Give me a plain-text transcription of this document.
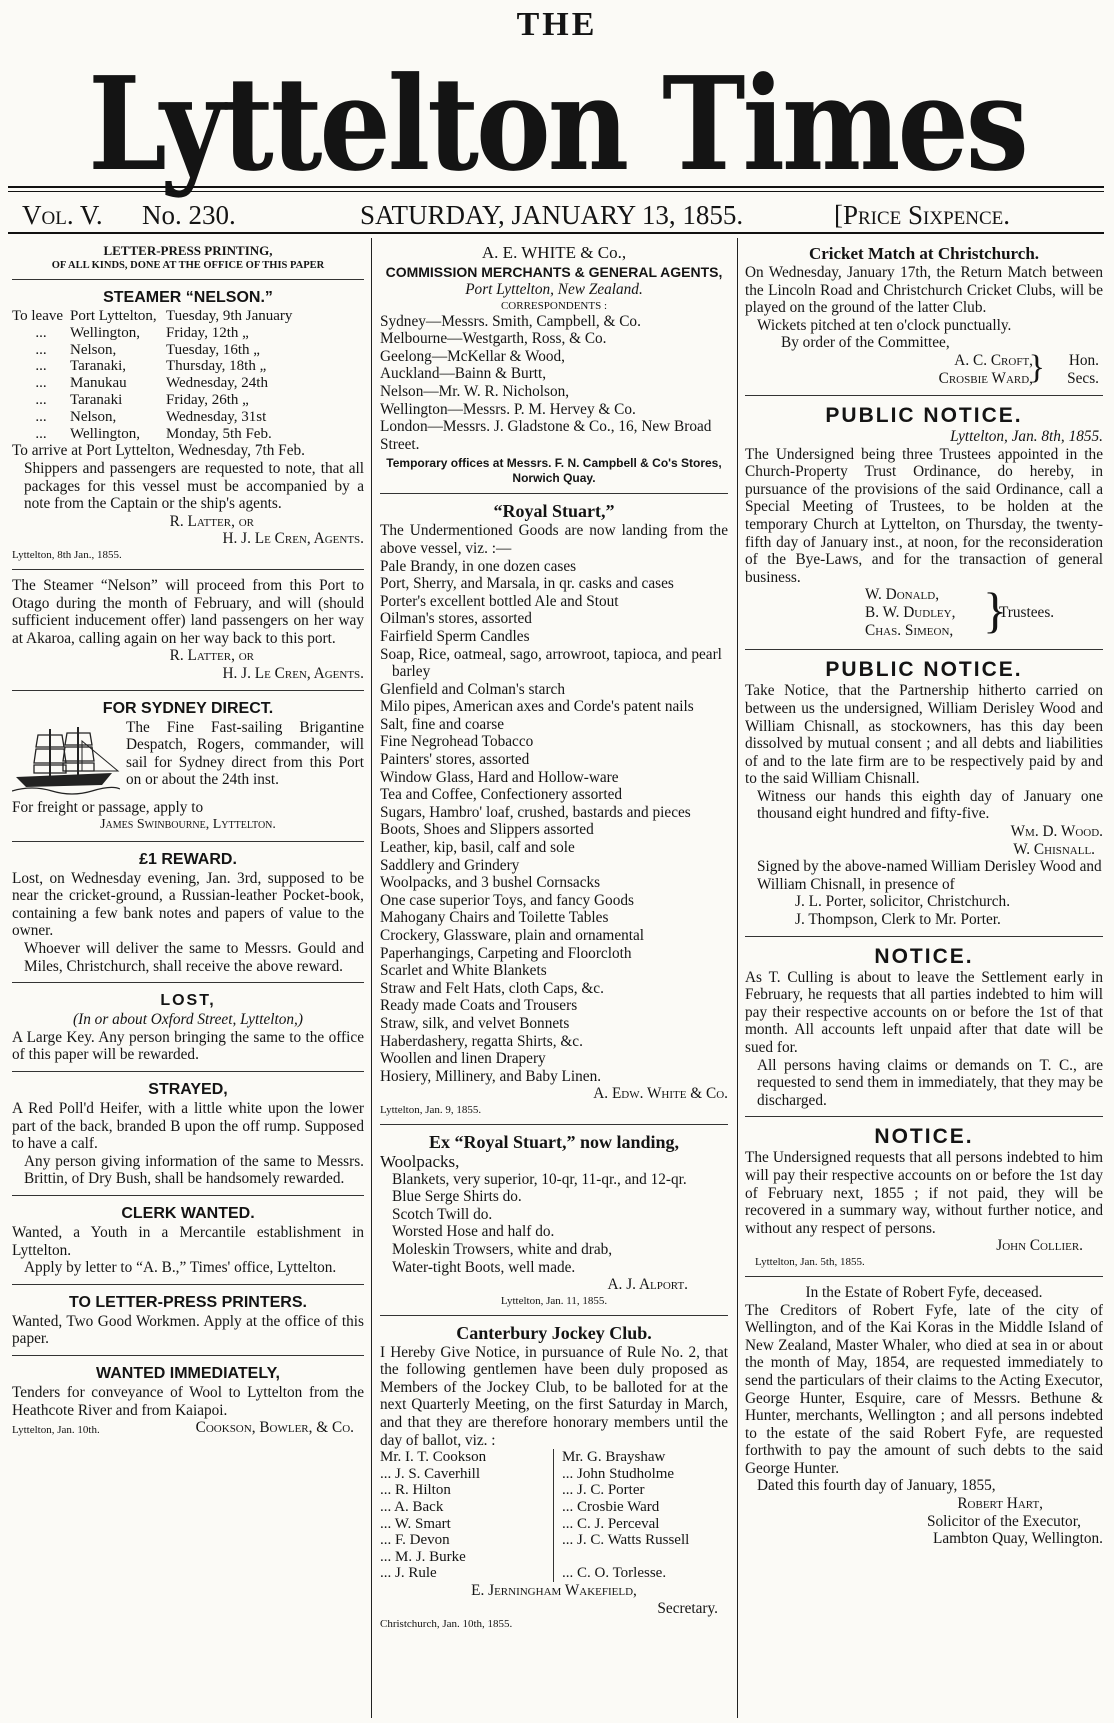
THE
Lyttelton Times
Vol. V. No. 230.	SATURDAY, JANUARY 13, 1855.	[Price Sixpence.

LETTER-PRESS PRINTING,

OF ALL KINDS, DONE AT THE OFFICE OF THIS PAPER

STEAMER “NELSON.”

To leave Port Lyttelton, Tuesday, 9th January
...	Wellington,	Friday, 12th „
...	Nelson,	Tuesday, 16th „
...	Taranaki,	Thursday, 18th „
...	Manukau	Wednesday, 24th
...	Taranaki	Friday, 26th „
...	Nelson,	Wednesday, 31st
...	Wellington,	Monday, 5th Feb.

To arrive at Port Lyttelton, Wednesday, 7th Feb.

Shippers and passengers are requested to note, that all packages for this vessel must be accompanied by a note from the Captain or the ship's agents.

R. Latter, or

H. J. Le Cren, Agents.

Lyttelton, 8th Jan., 1855.

The Steamer “Nelson” will proceed from this Port to Otago during the month of February, and will (should sufficient inducement offer) land passengers on her way at Akaroa, calling again on her way back to this port.

R. Latter, or

H. J. Le Cren, Agents.

FOR SYDNEY DIRECT.

The Fine Fast-sailing Brigantine Despatch, Rogers, commander, will sail for Sydney direct from this Port on or about the 24th inst.

For freight or passage, apply to

James Swinbourne, Lyttelton.

£1 REWARD.

Lost, on Wednesday evening, Jan. 3rd, supposed to be near the cricket-ground, a Russian-leather Pocket-book, containing a few bank notes and papers of value to the owner.

Whoever will deliver the same to Messrs. Gould and Miles, Christchurch, shall receive the above reward.

LOST,

(In or about Oxford Street, Lyttelton,)

A Large Key. Any person bringing the same to the office of this paper will be rewarded.

STRAYED,

A Red Poll'd Heifer, with a little white upon the lower part of the back, branded B upon the off rump. Supposed to have a calf.

Any person giving information of the same to Messrs. Brittin, of Dry Bush, shall be handsomely rewarded.

CLERK WANTED.

Wanted, a Youth in a Mercantile establishment in Lyttelton.

Apply by letter to “A. B.,” Times' office, Lyttelton.

TO LETTER-PRESS PRINTERS.

Wanted, Two Good Workmen. Apply at the office of this paper.

WANTED IMMEDIATELY,

Tenders for conveyance of Wool to Lyttelton from the Heathcote River and from Kaiapoi.

Lyttelton, Jan. 10th.	Cookson, Bowler, & Co.

A. E. WHITE & Co.,

COMMISSION MERCHANTS & GENERAL AGENTS,

Port Lyttelton, New Zealand.

CORRESPONDENTS :

Sydney—Messrs. Smith, Campbell, & Co.

Melbourne—Westgarth, Ross, & Co.

Geelong—McKellar & Wood,

Auckland—Bainn & Burtt,

Nelson—Mr. W. R. Nicholson,

Wellington—Messrs. P. M. Hervey & Co.

London—Messrs. J. Gladstone & Co., 16, New Broad Street.

Temporary offices at Messrs. F. N. Campbell & Co's Stores, Norwich Quay.

“Royal Stuart,”

The Undermentioned Goods are now landing from the above vessel, viz. :—

Pale Brandy, in one dozen cases

Port, Sherry, and Marsala, in qr. casks and cases

Porter's excellent bottled Ale and Stout

Oilman's stores, assorted

Fairfield Sperm Candles

Soap, Rice, oatmeal, sago, arrowroot, tapioca, and pearl barley

Glenfield and Colman's starch

Milo pipes, American axes and Corde's patent nails

Salt, fine and coarse

Fine Negrohead Tobacco

Painters' stores, assorted

Window Glass, Hard and Hollow-ware

Tea and Coffee, Confectionery assorted

Sugars, Hambro' loaf, crushed, bastards and pieces

Boots, Shoes and Slippers assorted

Leather, kip, basil, calf and sole

Saddlery and Grindery

Woolpacks, and 3 bushel Cornsacks

One case superior Toys, and fancy Goods

Mahogany Chairs and Toilette Tables

Crockery, Glassware, plain and ornamental

Paperhangings, Carpeting and Floorcloth

Scarlet and White Blankets

Straw and Felt Hats, cloth Caps, &c.

Ready made Coats and Trousers

Straw, silk, and velvet Bonnets

Haberdashery, regatta Shirts, &c.

Woollen and linen Drapery

Hosiery, Millinery, and Baby Linen.

A. Edw. White & Co.

Lyttelton, Jan. 9, 1855.

Ex “Royal Stuart,” now landing,

Woolpacks,

Blankets, very superior, 10-qr, 11-qr., and 12-qr.

Blue Serge Shirts do.

Scotch Twill do.

Worsted Hose and half do.

Moleskin Trowsers, white and drab,

Water-tight Boots, well made.

A. J. Alport.

Lyttelton, Jan. 11, 1855.

Canterbury Jockey Club.

I Hereby Give Notice, in pursuance of Rule No. 2, that the following gentlemen have been duly proposed as Members of the Jockey Club, to be balloted for at the next Quarterly Meeting, on the first Saturday in March, and that they are therefore honorary members until the day of ballot, viz. :

Mr. I. T. Cookson	Mr. G. Brayshaw
... J. S. Caverhill	... John Studholme
... R. Hilton	... J. C. Porter
... A. Back	... Crosbie Ward
... W. Smart	... C. J. Perceval
... F. Devon	... J. C. Watts Russell
... M. J. Burke
... J. Rule	... C. O. Torlesse.

E. Jerningham Wakefield,

Secretary.

Christchurch, Jan. 10th, 1855.

Cricket Match at Christchurch.

On Wednesday, January 17th, the Return Match between the Lincoln Road and Christchurch Cricket Clubs, will be played on the ground of the latter Club.

Wickets pitched at ten o'clock punctually.

By order of the Committee,

A. C. Croft,
Crosbie Ward,
} Hon.
Secs.

PUBLIC NOTICE.

Lyttelton, Jan. 8th, 1855.

The Undersigned being three Trustees appointed in the Church-Property Trust Ordinance, do hereby, in pursuance of the provisions of the said Ordinance, call a Special Meeting of Trustees, to be holden at the temporary Church at Lyttelton, on Thursday, the twenty-fifth day of January inst., at noon, for the reconsideration of the Bye-Laws, and for the transaction of general business.

W. Donald,
B. W. Dudley,
Chas. Simeon, }
Trustees.

PUBLIC NOTICE.

Take Notice, that the Partnership hitherto carried on between us the undersigned, William Derisley Wood and William Chisnall, as stockowners, has this day been dissolved by mutual consent ; and all debts and liabilities of and to the late firm are to be respectively paid by and to the said William Chisnall.

Witness our hands this eighth day of January one thousand eight hundred and fifty-five.

Wm. D. Wood.

W. Chisnall.

Signed by the above-named William Derisley Wood and William Chisnall, in presence of

J. L. Porter, solicitor, Christchurch.

J. Thompson, Clerk to Mr. Porter.

NOTICE.

As T. Culling is about to leave the Settlement early in February, he requests that all parties indebted to him will pay their respective accounts on or before the 1st of that month. All accounts left unpaid after that date will be sued for.

All persons having claims or demands on T. C., are requested to send them in immediately, that they may be discharged.

NOTICE.

The Undersigned requests that all persons indebted to him will pay their respective accounts on or before the 1st day of February next, 1855 ; if not paid, they will be recovered in a summary way, without further notice, and without any respect of persons.

John Collier.

Lyttelton, Jan. 5th, 1855.

In the Estate of Robert Fyfe, deceased.

The Creditors of Robert Fyfe, late of the city of Wellington, and of the Kai Koras in the Middle Island of New Zealand, Master Whaler, who died at sea in or about the month of May, 1854, are requested immediately to send the particulars of their claims to the Acting Executor, George Hunter, Esquire, care of Messrs. Bethune & Hunter, merchants, Wellington ; and all persons indebted to the estate of the said Robert Fyfe, are requested forthwith to pay the amount of such debts to the said George Hunter.

Dated this fourth day of January, 1855,

Robert Hart,

Solicitor of the Executor,

Lambton Quay, Wellington.
